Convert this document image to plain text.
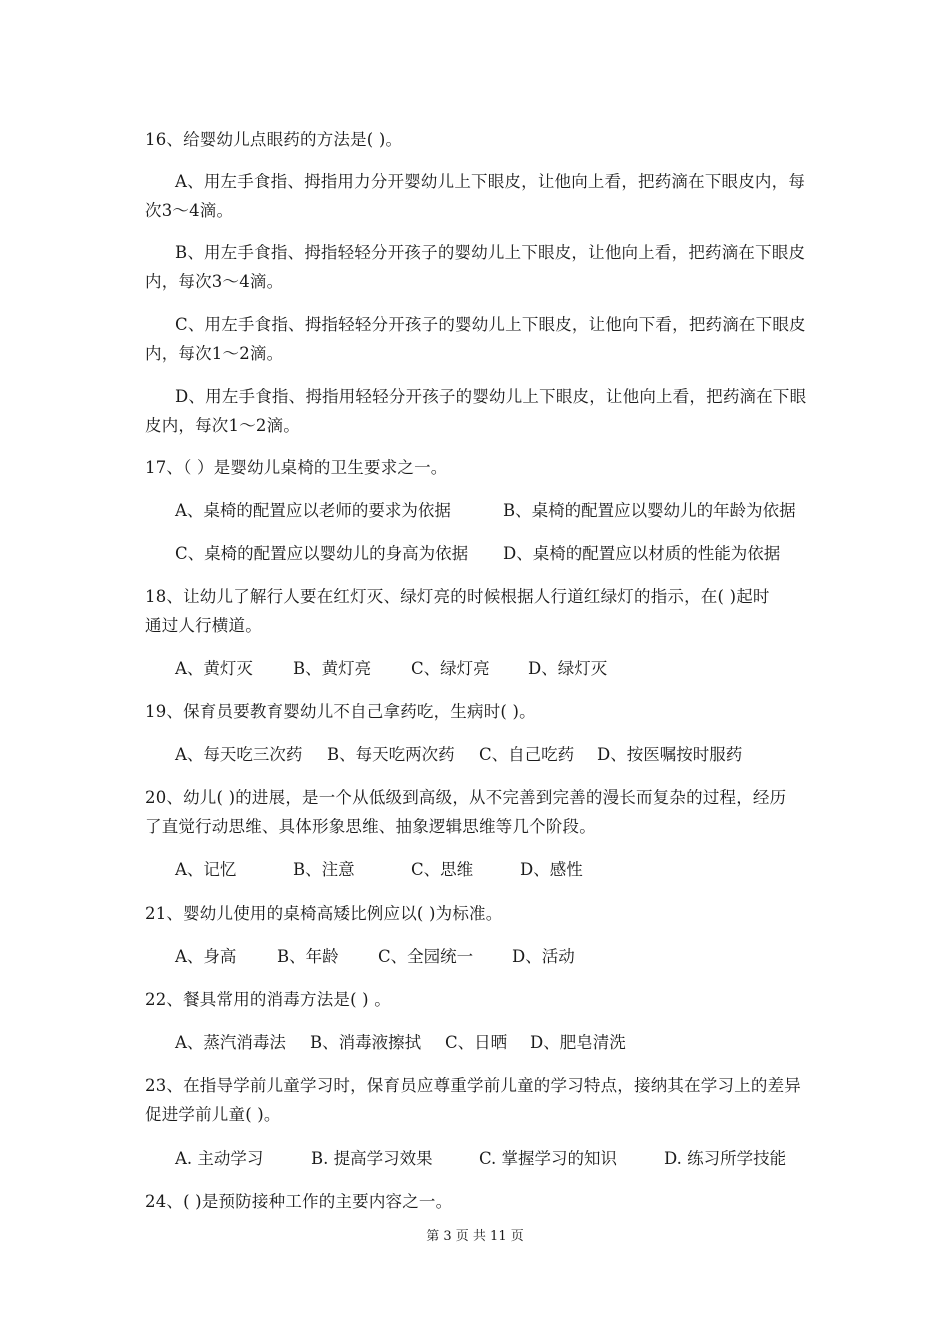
16、给婴幼儿点眼药的方法是( )。
A、用左手食指、拇指用力分开婴幼儿上下眼皮，让他向上看，把药滴在下眼皮内，每
次3～4滴。
B、用左手食指、拇指轻轻分开孩子的婴幼儿上下眼皮，让他向上看，把药滴在下眼皮
内，每次3～4滴。
C、用左手食指、拇指轻轻分开孩子的婴幼儿上下眼皮，让他向下看，把药滴在下眼皮
内，每次1～2滴。
D、用左手食指、拇指用轻轻分开孩子的婴幼儿上下眼皮，让他向上看，把药滴在下眼
皮内，每次1～2滴。
17、（ ）是婴幼儿桌椅的卫生要求之一。
A、桌椅的配置应以老师的要求为依据	B、桌椅的配置应以婴幼儿的年龄为依据
C、桌椅的配置应以婴幼儿的身高为依据 D、桌椅的配置应以材质的性能为依据
18、让幼儿了解行人要在红灯灭、绿灯亮的时候根据人行道红绿灯的指示，在( )起时
通过人行横道。
A、黄灯灭 B、黄灯亮 C、绿灯亮 D、绿灯灭
19、保育员要教育婴幼儿不自己拿药吃，生病时( )。
A、每天吃三次药 B、每天吃两次药 C、自己吃药 D、按医嘱按时服药
20、幼儿( )的进展，是一个从低级到高级，从不完善到完善的漫长而复杂的过程，经历
了直觉行动思维、具体形象思维、抽象逻辑思维等几个阶段。
A、记忆	B、注意	C、思维	D、感性
21、婴幼儿使用的桌椅高矮比例应以( )为标准。
A、身高 B、年龄 C、全园统一 D、活动
22、餐具常用的消毒方法是( ) 。
A、蒸汽消毒法 B、消毒液擦拭 C、日晒 D、肥皂清洗
23、在指导学前儿童学习时，保育员应尊重学前儿童的学习特点，接纳其在学习上的差异
促进学前儿童( )。
A. 主动学习	B. 提高学习效果	C. 掌握学习的知识	D. 练习所学技能
24、( )是预防接种工作的主要内容之一。
第 3 页 共 11 页
